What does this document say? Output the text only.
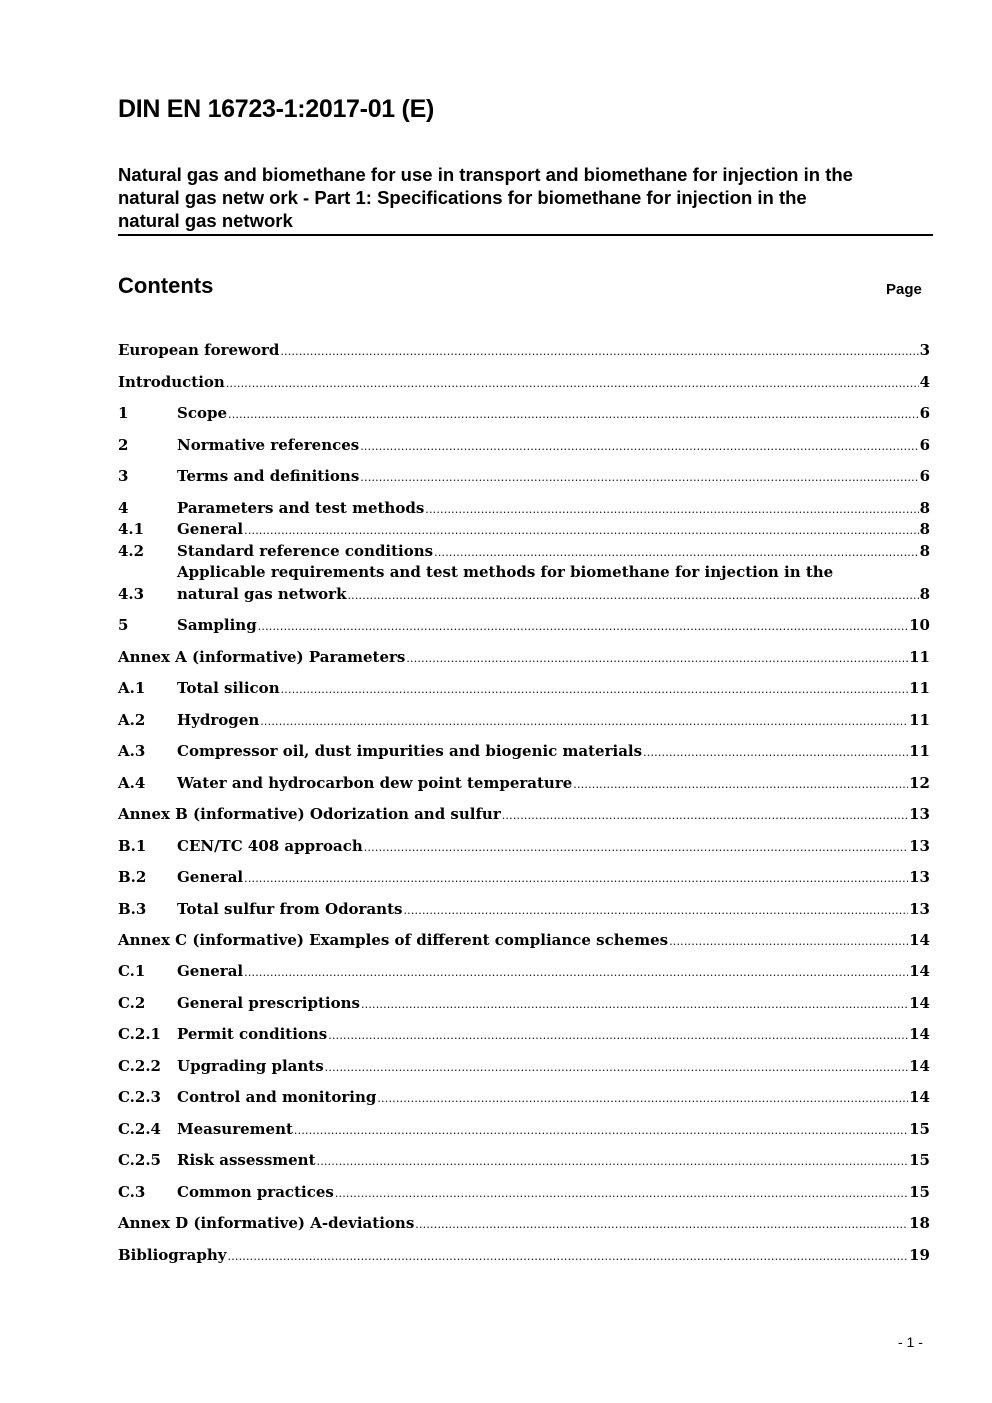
DIN EN 16723-1:2017-01 (E)
Natural gas and biomethane for use in transport and biomethane for injection in the
natural gas netw ork - Part 1: Specifications for biomethane for injection in the
natural gas network
Contents	Page
European foreword .....	3
Introduction .....	4
1	Scope .....	6
2	Normative references .....	6
3	Terms and definitions .....	6
4	Parameters and test methods .....	8
4.1 General .....	8
4.2 Standard reference conditions .....	8
Applicable requirements and test methods for biomethane for injection in the
4.3 natural gas network .....	8
5	Sampling .....	10
Annex A (informative) Parameters .....	11
A.1 Total silicon .....	11
A.2 Hydrogen .....	11
A.3 Compressor oil, dust impurities and biogenic materials .....	11
A.4 Water and hydrocarbon dew point temperature .....	12
Annex B (informative) Odorization and sulfur .....	13
B.1 CEN/TC 408 approach .....	13
B.2 General .....	13
B.3 Total sulfur from Odorants .....	13
Annex C (informative) Examples of different compliance schemes .....	14
C.1 General .....	14
C.2 General prescriptions .....	14
C.2.1 Permit conditions .....	14
C.2.2 Upgrading plants .....	14
C.2.3 Control and monitoring .....	14
C.2.4 Measurement .....	15
C.2.5 Risk assessment .....	15
C.3 Common practices .....	15
Annex D (informative) A-deviations .....	18
Bibliography .....	19
- 1 -
